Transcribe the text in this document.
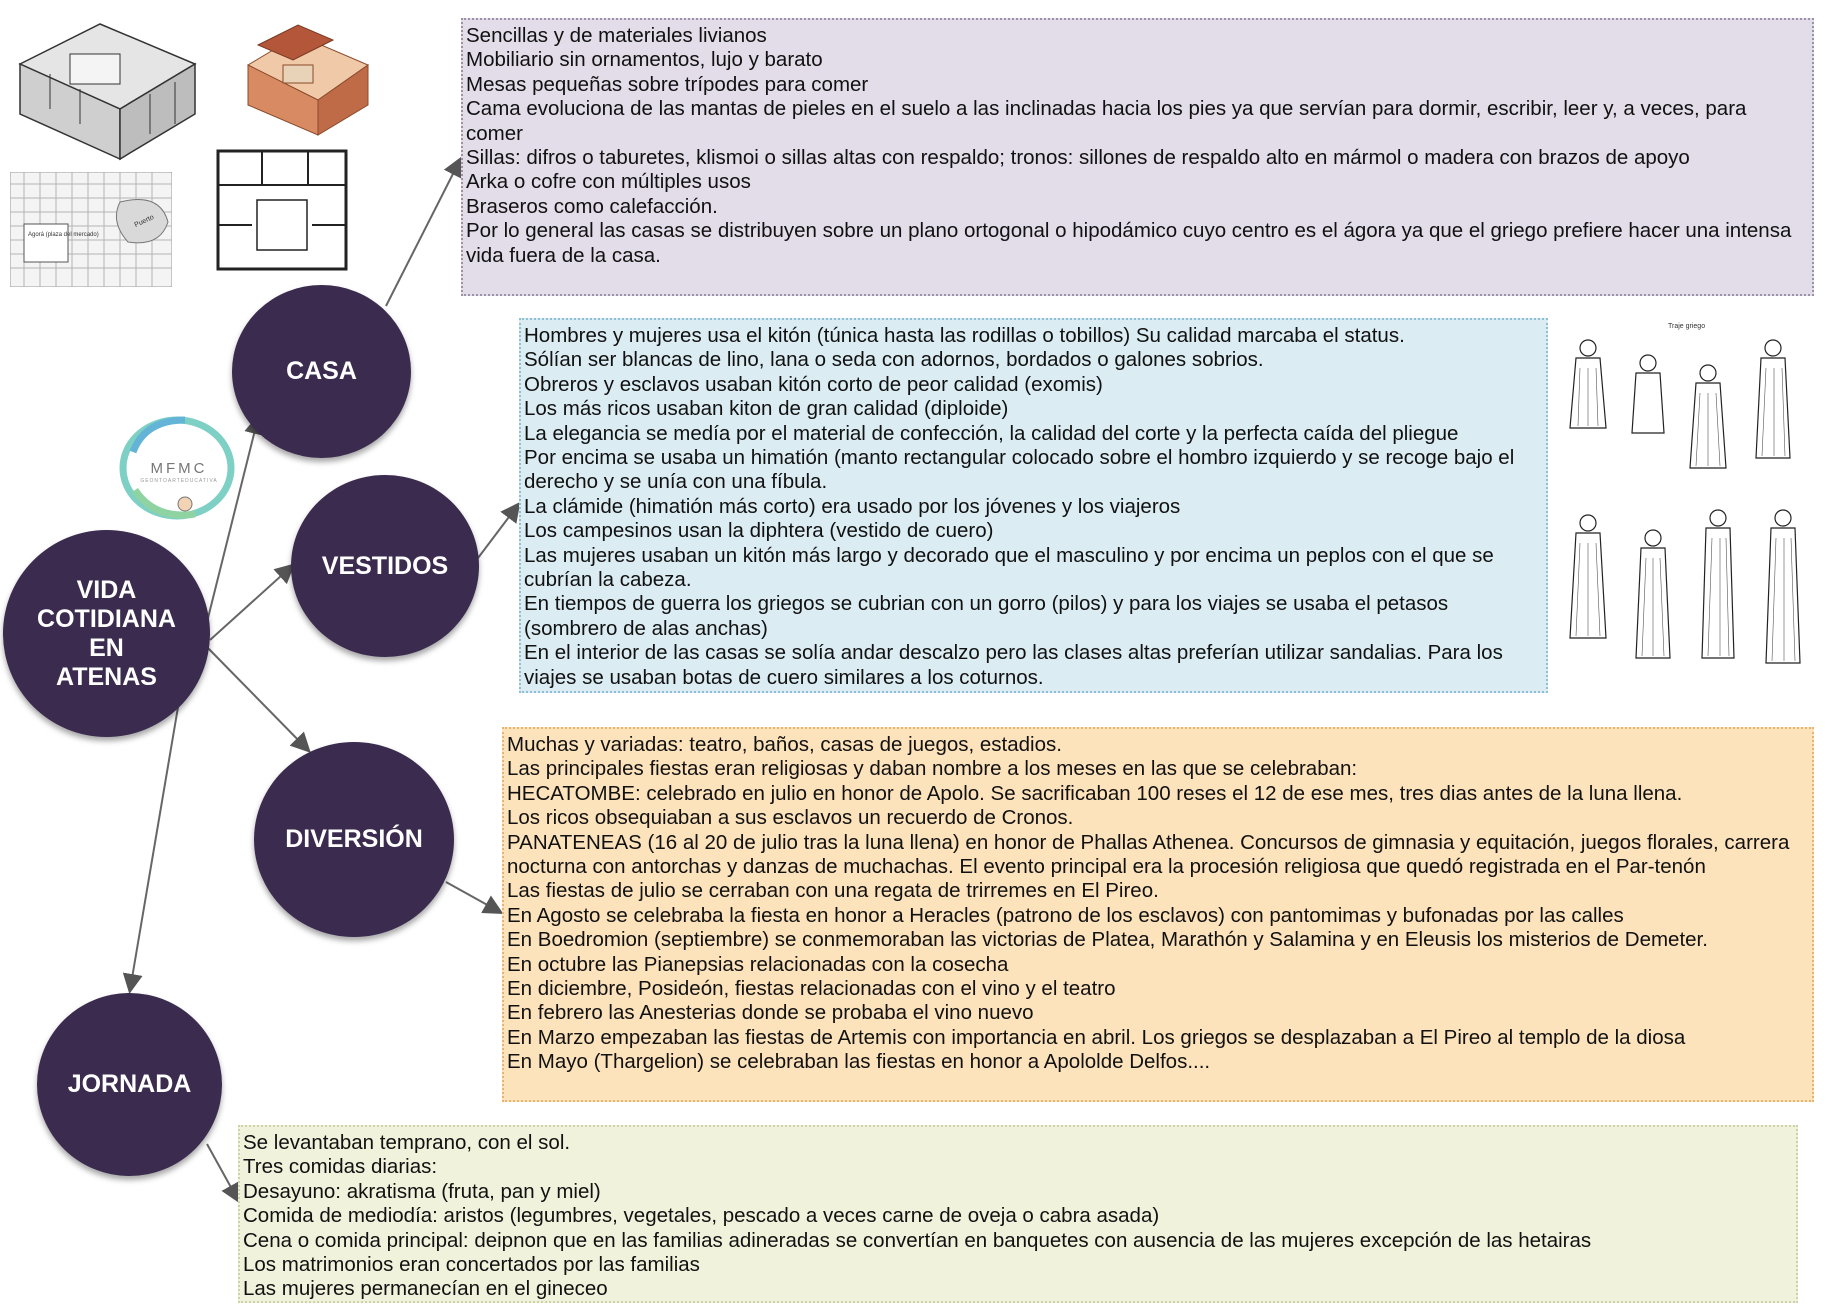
Agorá (plaza del mercado)
Puerto
Traje griego
MFMC
GEONTOARTEDUCATIVA
VIDA
COTIDIANA
EN
ATENAS
CASA
VESTIDOS
DIVERSIÓN
JORNADA
Sencillas y de materiales livianos
Mobiliario sin ornamentos, lujo y barato
Mesas pequeñas sobre trípodes para comer
Cama evoluciona de las mantas de pieles en el suelo a las inclinadas hacia los pies ya que servían para dormir, escribir, leer y, a veces, para comer
Sillas: difros o taburetes, klismoi o sillas altas con respaldo; tronos: sillones de respaldo alto en mármol o madera con brazos de apoyo
Arka o cofre con múltiples usos
Braseros como calefacción.
Por lo general las casas se distribuyen sobre un plano ortogonal o hipodámico cuyo centro es el ágora ya que el griego prefiere hacer una intensa vida fuera de la casa.
Hombres y mujeres usa el kitón (túnica hasta las rodillas o tobillos) Su calidad marcaba el status.
Sólían ser blancas de lino, lana o seda con adornos, bordados o galones sobrios.
Obreros y esclavos usaban kitón corto de peor calidad (exomis)
Los más ricos usaban kiton de gran calidad (diploide)
La elegancia se medía por el material de confección, la calidad del corte y la perfecta caída del pliegue
Por encima se usaba un himatión (manto rectangular colocado sobre el hombro izquierdo y se recoge bajo el derecho y se unía con una fíbula.
La clámide (himatión más corto) era usado por los jóvenes y los viajeros
Los campesinos usan la diphtera (vestido de cuero)
Las mujeres usaban un kitón más largo y decorado que el masculino y por encima un peplos con el que se cubrían la cabeza.
En tiempos de guerra los griegos se cubrian con un gorro (pilos) y para los viajes se usaba el petasos (sombrero de alas anchas)
En el interior de las casas se solía andar descalzo pero las clases altas preferían utilizar sandalias. Para los viajes se usaban botas de cuero similares a los coturnos.
Muchas y variadas: teatro, baños, casas de juegos, estadios.
Las principales fiestas eran religiosas y daban nombre a los meses en las que se celebraban:
HECATOMBE: celebrado en julio en honor de Apolo. Se sacrificaban 100 reses el 12 de ese mes, tres dias antes de la luna llena.
Los ricos obsequiaban a sus esclavos un recuerdo de Cronos.
PANATENEAS (16 al 20 de julio tras la luna llena) en honor de Phallas Athenea. Concursos de gimnasia y equitación, juegos florales, carrera nocturna con antorchas y danzas de muchachas. El evento principal era la procesión religiosa que quedó registrada en el Par-tenón
Las fiestas de julio se cerraban con una regata de trirremes en El Pireo.
En Agosto se celebraba la fiesta en honor a Heracles (patrono de los esclavos) con pantomimas y bufonadas por las calles
En Boedromion (septiembre) se conmemoraban las victorias de Platea, Marathón y Salamina y en Eleusis los misterios de Demeter.
En octubre las Pianepsias relacionadas con la cosecha
En diciembre, Posideón, fiestas relacionadas con el vino y el teatro
En febrero las Anesterias donde se probaba el vino nuevo
En Marzo empezaban las fiestas de Artemis con importancia en abril. Los griegos se desplazaban a El Pireo al templo de la diosa
En Mayo (Thargelion) se celebraban las fiestas en honor a Apololde Delfos....
Se levantaban temprano, con el sol.
Tres comidas diarias:
Desayuno: akratisma (fruta, pan y miel)
Comida de mediodía: aristos (legumbres, vegetales, pescado a veces carne de oveja o cabra asada)
Cena o comida principal: deipnon que en las familias adineradas se convertían en banquetes con ausencia de las mujeres excepción de las hetairas
Los matrimonios eran concertados por las familias
Las mujeres permanecían en el gineceo
